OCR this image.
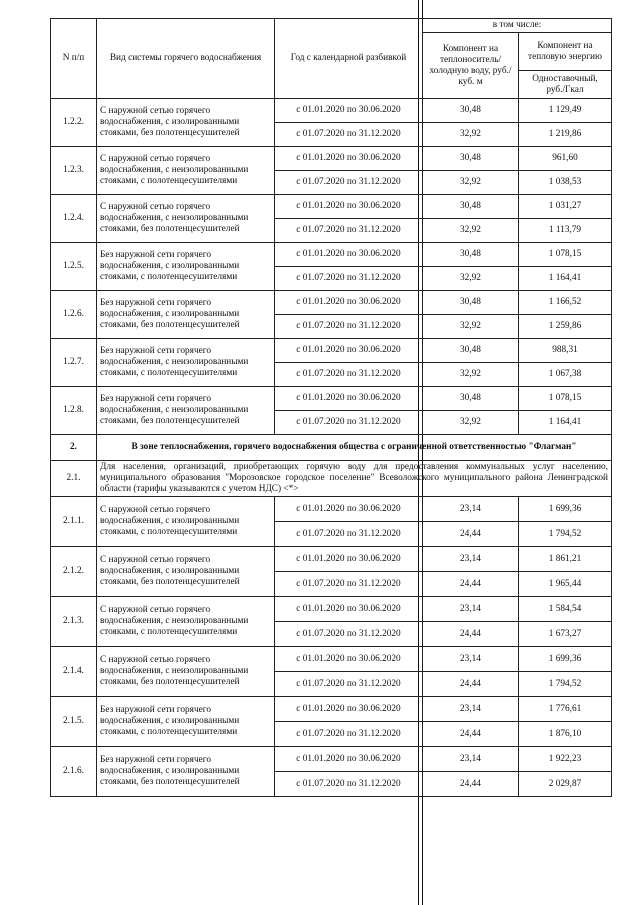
N п/п	Вид системы горячего водоснабжения	Год с календарной разбивкой	в том числе:	
			Компонент на теплоноситель/холодную воду, руб./куб. м	Компонент на тепловую энергию
				Одноставочный, руб./Гкал
1.2.2.	С наружной сетью горячего водоснабжения, с изолированными стояками, без полотенцесушителей	с 01.01.2020 по 30.06.2020	30,48	1 129,49
		с 01.07.2020 по 31.12.2020	32,92	1 219,86
1.2.3.	С наружной сетью горячего водоснабжения, с неизолированными стояками, с полотенцесушителями	с 01.01.2020 по 30.06.2020	30,48	961,60
		с 01.07.2020 по 31.12.2020	32,92	1 038,53
1.2.4.	С наружной сетью горячего водоснабжения, с неизолированными стояками, без полотенцесушителей	с 01.01.2020 по 30.06.2020	30,48	1 031,27
		с 01.07.2020 по 31.12.2020	32,92	1 113,79
1.2.5.	Без наружной сети горячего водоснабжения, с изолированными стояками, с полотенцесушителями	с 01.01.2020 по 30.06.2020	30,48	1 078,15
		с 01.07.2020 по 31.12.2020	32,92	1 164,41
1.2.6.	Без наружной сети горячего водоснабжения, с изолированными стояками, без полотенцесушителей	с 01.01.2020 по 30.06.2020	30,48	1 166,52
		с 01.07.2020 по 31.12.2020	32,92	1 259,86
1.2.7.	Без наружной сети горячего водоснабжения, с неизолированными стояками, с полотенцесушителями	с 01.01.2020 по 30.06.2020	30,48	988,31
		с 01.07.2020 по 31.12.2020	32,92	1 067,38
1.2.8.	Без наружной сети горячего водоснабжения, с неизолированными стояками, без полотенцесушителей	с 01.01.2020 по 30.06.2020	30,48	1 078,15
		с 01.07.2020 по 31.12.2020	32,92	1 164,41
2.	В зоне теплоснабжения, горячего водоснабжения общества с ограниченной ответственностью "Флагман"			
2.1.	Для населения, организаций, приобретающих горячую воду для предоставления коммунальных услуг населению, муниципального образования "Морозовское городское поселение" Всеволожского муниципального района Ленинградской области (тарифы указываются с учетом НДС) <*>			
2.1.1.	С наружной сетью горячего водоснабжения, с изолированными стояками, с полотенцесушителями	с 01.01.2020 по 30.06.2020	23,14	1 699,36
		с 01.07.2020 по 31.12.2020	24,44	1 794,52
2.1.2.	С наружной сетью горячего водоснабжения, с изолированными стояками, без полотенцесушителей	с 01.01.2020 по 30.06.2020	23,14	1 861,21
		с 01.07.2020 по 31.12.2020	24,44	1 965,44
2.1.3.	С наружной сетью горячего водоснабжения, с неизолированными стояками, с полотенцесушителями	с 01.01.2020 по 30.06.2020	23,14	1 584,54
		с 01.07.2020 по 31.12.2020	24,44	1 673,27
2.1.4.	С наружной сетью горячего водоснабжения, с неизолированными стояками, без полотенцесушителей	с 01.01.2020 по 30.06.2020	23,14	1 699,36
		с 01.07.2020 по 31.12.2020	24,44	1 794,52
2.1.5.	Без наружной сети горячего водоснабжения, с изолированными стояками, с полотенцесушителями	с 01.01.2020 по 30.06.2020	23,14	1 776,61
		с 01.07.2020 по 31.12.2020	24,44	1 876,10
2.1.6.	Без наружной сети горячего водоснабжения, с изолированными стояками, без полотенцесушителей	с 01.01.2020 по 30.06.2020	23,14	1 922,23
		с 01.07.2020 по 31.12.2020	24,44	2 029,87
